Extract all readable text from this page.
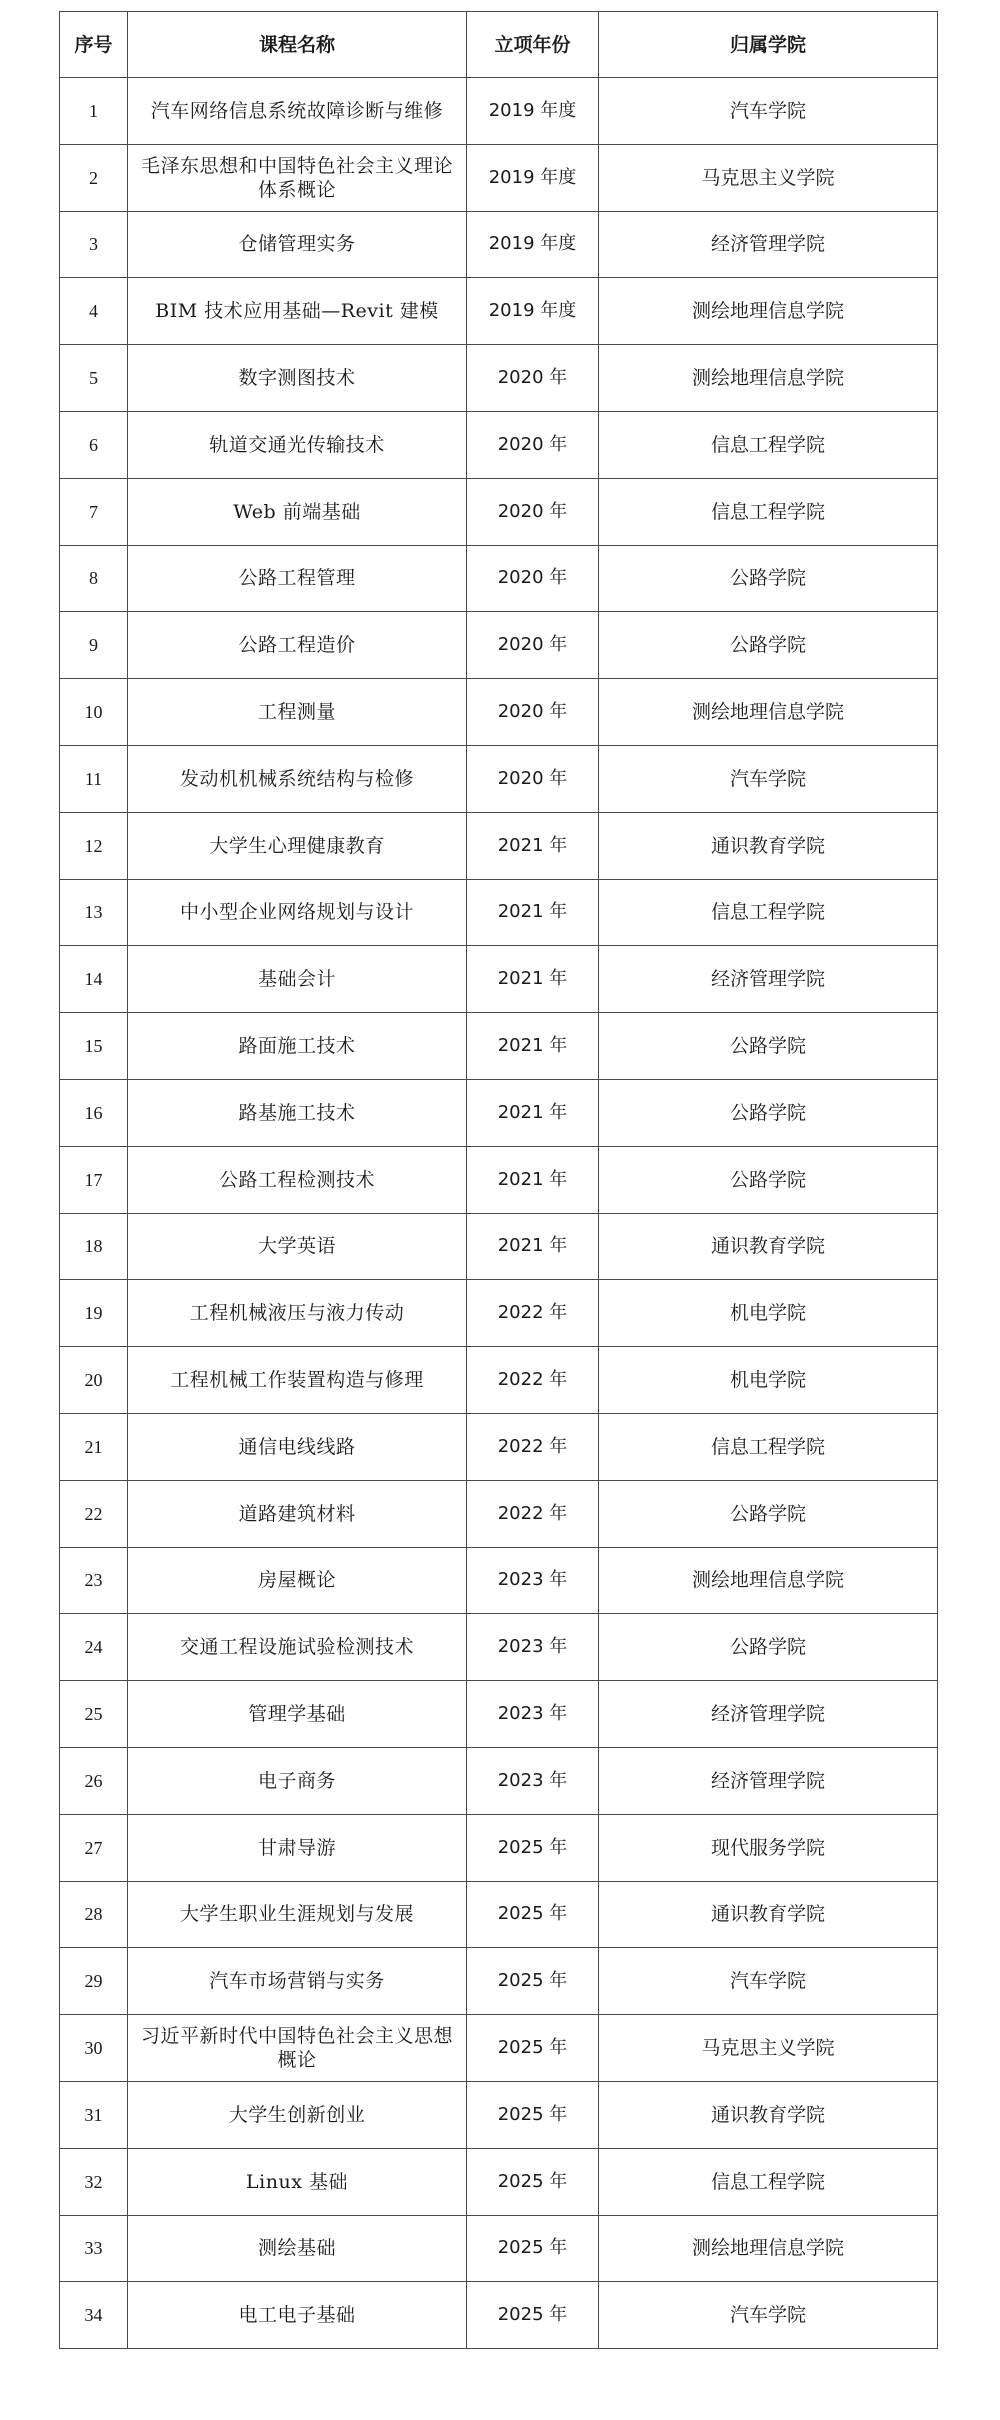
序号	课程名称	立项年份	归属学院
1	汽车网络信息系统故障诊断与维修	2019 年度	汽车学院
2	毛泽东思想和中国特色社会主义理论体系概论	2019 年度	马克思主义学院
3	仓储管理实务	2019 年度	经济管理学院
4	BIM 技术应用基础—Revit 建模	2019 年度	测绘地理信息学院
5	数字测图技术	2020 年	测绘地理信息学院
6	轨道交通光传输技术	2020 年	信息工程学院
7	Web 前端基础	2020 年	信息工程学院
8	公路工程管理	2020 年	公路学院
9	公路工程造价	2020 年	公路学院
10	工程测量	2020 年	测绘地理信息学院
11	发动机机械系统结构与检修	2020 年	汽车学院
12	大学生心理健康教育	2021 年	通识教育学院
13	中小型企业网络规划与设计	2021 年	信息工程学院
14	基础会计	2021 年	经济管理学院
15	路面施工技术	2021 年	公路学院
16	路基施工技术	2021 年	公路学院
17	公路工程检测技术	2021 年	公路学院
18	大学英语	2021 年	通识教育学院
19	工程机械液压与液力传动	2022 年	机电学院
20	工程机械工作装置构造与修理	2022 年	机电学院
21	通信电线线路	2022 年	信息工程学院
22	道路建筑材料	2022 年	公路学院
23	房屋概论	2023 年	测绘地理信息学院
24	交通工程设施试验检测技术	2023 年	公路学院
25	管理学基础	2023 年	经济管理学院
26	电子商务	2023 年	经济管理学院
27	甘肃导游	2025 年	现代服务学院
28	大学生职业生涯规划与发展	2025 年	通识教育学院
29	汽车市场营销与实务	2025 年	汽车学院
30	习近平新时代中国特色社会主义思想概论	2025 年	马克思主义学院
31	大学生创新创业	2025 年	通识教育学院
32	Linux 基础	2025 年	信息工程学院
33	测绘基础	2025 年	测绘地理信息学院
34	电工电子基础	2025 年	汽车学院
